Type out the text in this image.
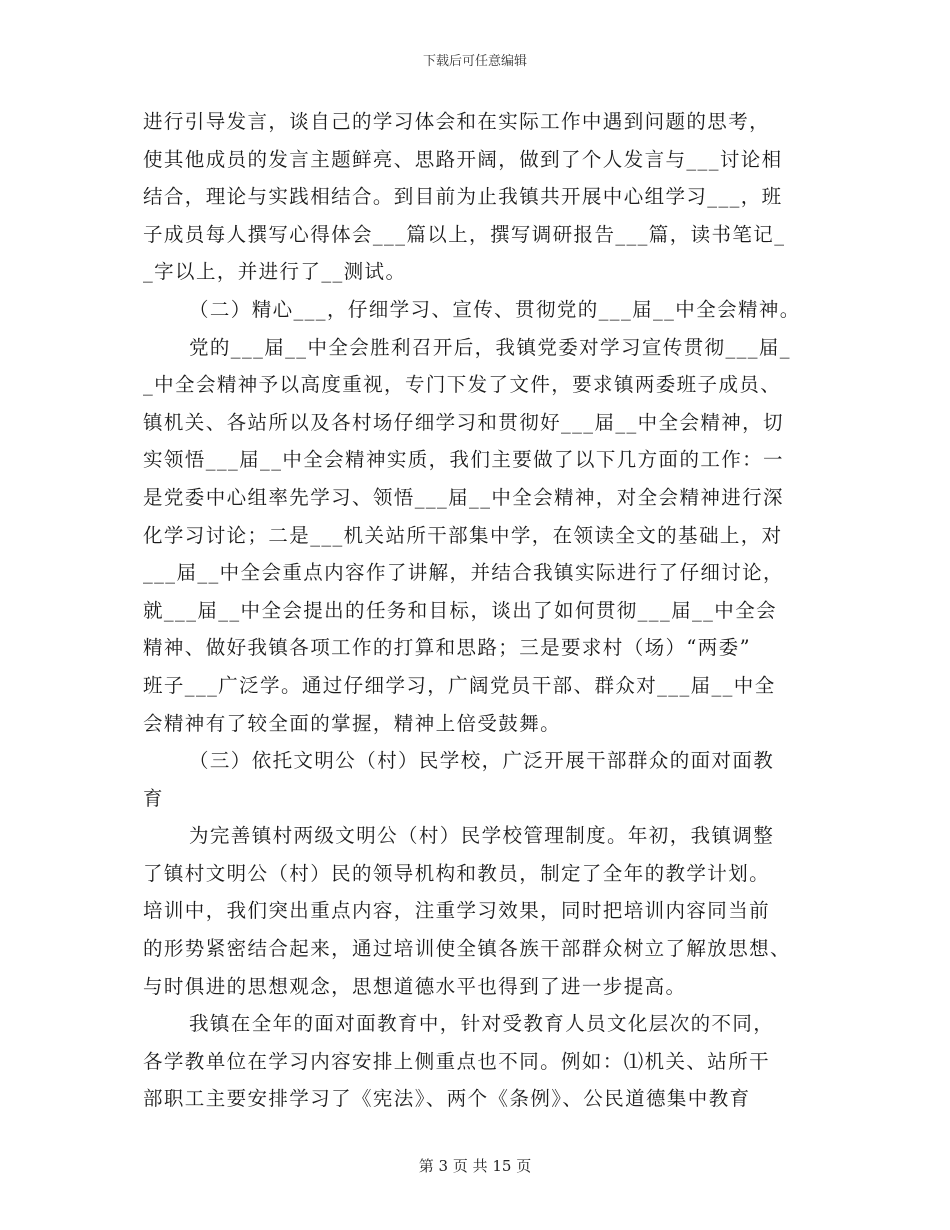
下载后可任意编辑
进行引导发言，谈自己的学习体会和在实际工作中遇到问题的思考，
使其他成员的发言主题鲜亮、思路开阔，做到了个人发言与___讨论相
结合，理论与实践相结合。到目前为止我镇共开展中心组学习___，班
子成员每人撰写心得体会___篇以上，撰写调研报告___篇，读书笔记_
_字以上，并进行了__测试。
（二）精心___，仔细学习、宣传、贯彻党的___届__中全会精神。
党的___届__中全会胜利召开后，我镇党委对学习宣传贯彻___届_
_中全会精神予以高度重视，专门下发了文件，要求镇两委班子成员、
镇机关、各站所以及各村场仔细学习和贯彻好___届__中全会精神，切
实领悟___届__中全会精神实质，我们主要做了以下几方面的工作：一
是党委中心组率先学习、领悟___届__中全会精神，对全会精神进行深
化学习讨论；二是___机关站所干部集中学，在领读全文的基础上，对
___届__中全会重点内容作了讲解，并结合我镇实际进行了仔细讨论，
就___届__中全会提出的任务和目标，谈出了如何贯彻___届__中全会
精神、做好我镇各项工作的打算和思路；三是要求村（场）“两委”
班子___广泛学。通过仔细学习，广阔党员干部、群众对___届__中全
会精神有了较全面的掌握，精神上倍受鼓舞。
（三）依托文明公（村）民学校，广泛开展干部群众的面对面教
育
为完善镇村两级文明公（村）民学校管理制度。年初，我镇调整
了镇村文明公（村）民的领导机构和教员，制定了全年的教学计划。
培训中，我们突出重点内容，注重学习效果，同时把培训内容同当前
的形势紧密结合起来，通过培训使全镇各族干部群众树立了解放思想、
与时俱进的思想观念，思想道德水平也得到了进一步提高。
我镇在全年的面对面教育中，针对受教育人员文化层次的不同，
各学教单位在学习内容安排上侧重点也不同。例如：⑴机关、站所干
部职工主要安排学习了《宪法》、两个《条例》、公民道德集中教育
第 3 页 共 15 页
